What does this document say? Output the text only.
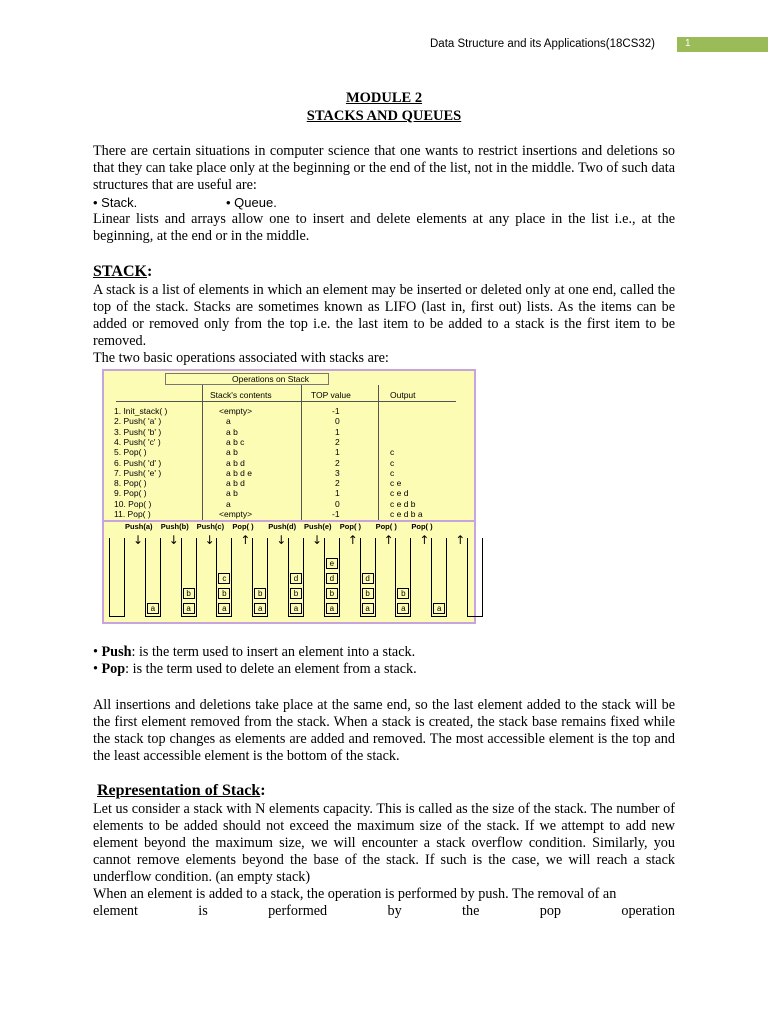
Data Structure and its Applications(18CS32)	1
MODULE 2
STACKS AND QUEUES

There are certain situations in computer science that one wants to restrict insertions and deletions so that they can take place only at the beginning or the end of the list, not in the middle. Two of such data structures that are useful are:

• Stack.	• Queue.

Linear lists and arrays allow one to insert and delete elements at any place in the list i.e., at the beginning, at the end or in the middle.

STACK:

A stack is a list of elements in which an element may be inserted or deleted only at one end, called the top of the stack. Stacks are sometimes known as LIFO (last in, first out) lists. As the items can be added or removed only from the top i.e. the last item to be added to a stack is the first item to be removed.

The two basic operations associated with stacks are:

Operations on Stack
Stack's contents	TOP value	Output
1. Init_stack( )	<empty>	-1
2. Push( 'a' )	a	0
3. Push( 'b' )	a b	1
4. Push( 'c' )	a b c	2
5. Pop( )	a b	1	c
6. Push( 'd' )	a b d	2	c
7. Push( 'e' )	a b d e	3	c
8. Pop( )	a b d	2	c e
9. Pop( )	a b	1	c e d
10. Pop( )	a	0	c e d b
11. Pop( )	<empty>	-1	c e d b a
a	a
b
a
b
c
a
b
a
b
d
a
b
d
e
a
b
d
a
b
a
Push(a)
↓
Push(b)
↓
Push(c)
↓
Pop( )
↑
Push(d)
↓
Push(e)
↓
Pop( )
↑
Pop( )
↑
Pop( )
↑ ↑

• Push: is the term used to insert an element into a stack.

• Pop: is the term used to delete an element from a stack.

All insertions and deletions take place at the same end, so the last element added to the stack will be the first element removed from the stack. When a stack is created, the stack base remains fixed while the stack top changes as elements are added and removed. The most accessible element is the top and the least accessible element is the bottom of the stack.
Representation of Stack:

Let us consider a stack with N elements capacity. This is called as the size of the stack. The number of elements to be added should not exceed the maximum size of the stack. If we attempt to add new element beyond the maximum size, we will encounter a stack overflow condition. Similarly, you cannot remove elements beyond the base of the stack. If such is the case, we will reach a stack underflow condition. (an empty stack)

When an element is added to a stack, the operation is performed by push. The removal of an

element	is	performed	by	the	pop	operation
